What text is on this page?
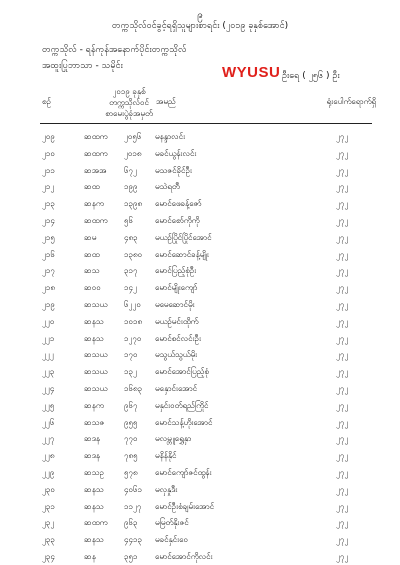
၉
တက္ကသိုလ်ဝင်ခွင့်ရရှိသူများစာရင်း (၂၀၁၉ ခုနှစ်အောင်)
တက္ကသိုလ် - ရန်ကုန်အနောက်ပိုင်းတက္ကသိုလ်
အထူးပြုဘာသာ - သမိုင်း	WYUSU ဦးရေ ( ၂၅၆ ) ဦး
စဉ်
၂၀၁၉ ခုနှစ်
တက္ကသိုလ်ဝင်
စာမေးပွဲခုံအမှတ်
အမည်	ရုံးပေါက်ရောက်ရှိ
၂၀၉	ဆထက ၂၀၅၆ မနန္ဒာလင်း	၂၇၂
၂၁၀	ဆထက ၂၀၁၈ မခင်ယွန်းလင်း	၂၇၂
၂၁၁	ဆအအ ၆၇၂ မသဇင်ခိုင်ဦး	၂၇၂
၂၁၂	ဆထ	၁၉၉ မသဲရတီ	၂၇၂
၂၁၃	ဆနက	၁၃၉၈ မောင်ဖေခန့်ဇော်	၂၇၂
၂၁၄	ဆထက ၅၆	မောင်စော်ကိုကို	၂၇၂
၂၁၅	ဆမ	၄၈၃ မယဉ်ပြိုင်ပြိုင်အောင်	၂၇၂
၂၁၆	ဆထ	၁၃၈၀ မောင်ဆောင်ခန့်မျိုး	၂၇၂
၂၁၇	ဆသ	၃၁၇ မောင်ပြည့်စုံဦး	၂၇၂
၂၁၈	ဆဝဝ	၁၄၂ မောင်မျိုးကျော်	၂၇၂
၂၁၉	ဆသယ ၆၂၂၀ မမေဆောင်မိုး	၂၇၂
၂၂၀	ဆနသ	၁၀၁၈ မယဉ်မင်းထိုက်	၂၇၂
၂၂၁	ဆနသ	၁၂၇၀ မောင်စင်လင်းဦး	၂၇၂
၂၂၂	ဆသယ ၁၇၀ မသွယ်သွယ်မိုး	၂၇၂
၂၂၃	ဆသယ ၁၃၂ မောင်အောင်ပြည့်စုံ	၂၇၂
၂၂၄	ဆသယ ၁၆၈၃ မနှောင်းအောင်	၂၇၂
၂၂၅	ဆနက	၉၆၇ မနှင်းဝတ်ရည်ကြိုင်	၂၇၂
၂၂၆	ဆသဇ ၉၅၅ မောင်သန့်ဟိုးအောင်	၂၇၂
၂၂၇	ဆဒန	၇၇၀ မလမ္ဘူရွှေနှာ	၂၇၂
၂၂၈	ဆဒန	၇၈၅ မနိန်နိုင်	၂၇၂
၂၂၉	ဆသဥ	၅၇၈ မောင်ကျော်ဇင်ထွန်း	၂၇၂
၂၃၀	ဆနသ	၄၀၆၁ မလှနှုဒီး	၂၇၂
၂၃၁	ဆနသ	၁၁၂၇ မောင်ဦးစံချမ်းအောင်	၂၇၂
၂၃၂	ဆထက ၉၆၃ မမြတ်နိုးဇင်	၂၇၂
၂၃၃	ဆနသ	၄၄၁၃ မခင်နှင်းဝေ	၂၇၂
၂၃၄	ဆန	၃၅၁ မောင်အောင်ကိုလင်း	၂၇၂
